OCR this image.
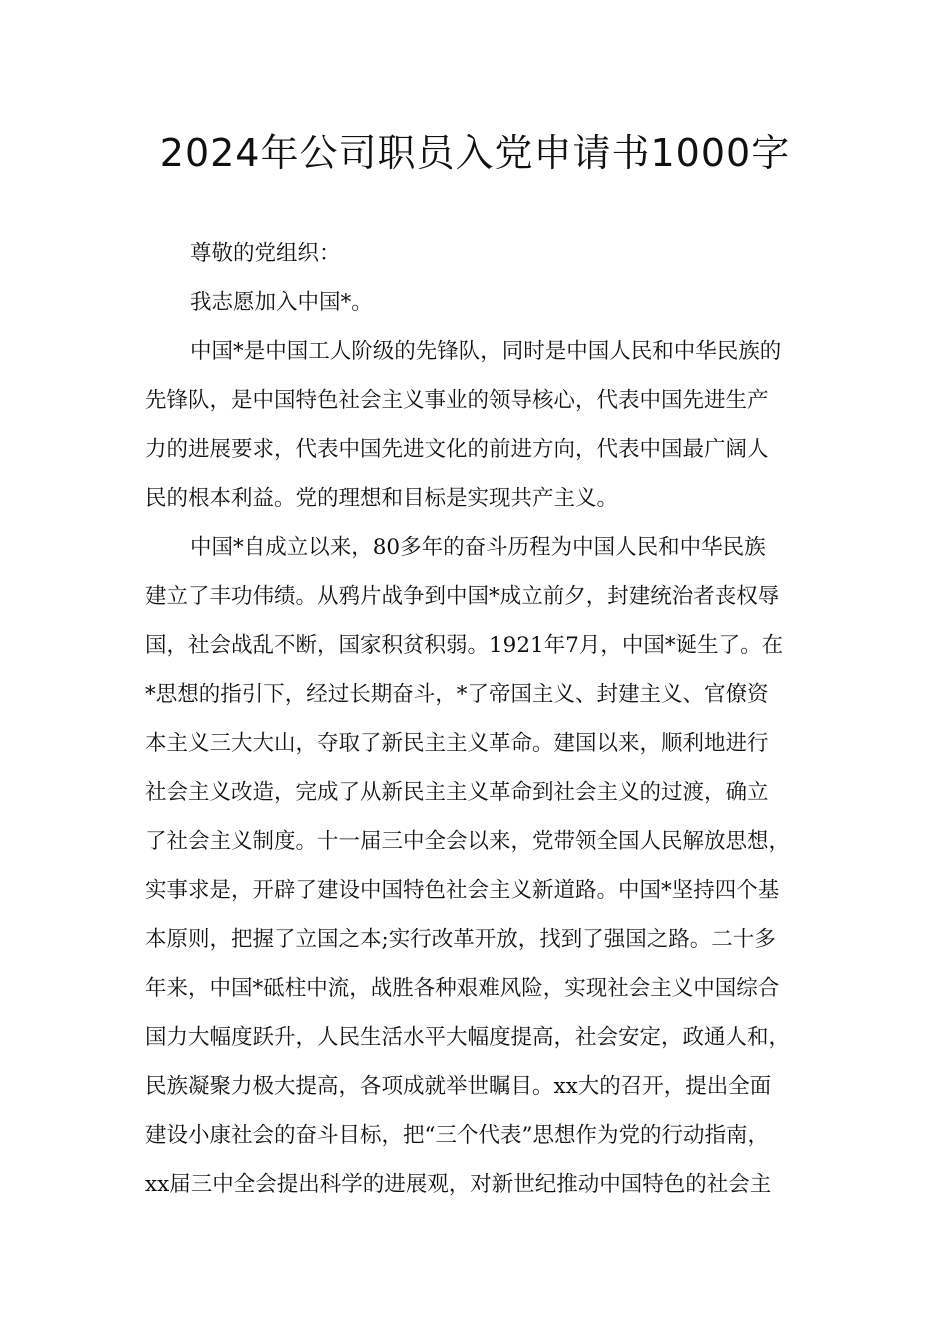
2024年公司职员入党申请书1000字
尊敬的党组织：
我志愿加入中国*。
中国*是中国工人阶级的先锋队，同时是中国人民和中华民族的
先锋队，是中国特色社会主义事业的领导核心，代表中国先进生产
力的进展要求，代表中国先进文化的前进方向，代表中国最广阔人
民的根本利益。党的理想和目标是实现共产主义。
中国*自成立以来，80多年的奋斗历程为中国人民和中华民族
建立了丰功伟绩。从鸦片战争到中国*成立前夕，封建统治者丧权辱
国，社会战乱不断，国家积贫积弱。1921年7月，中国*诞生了。在
*思想的指引下，经过长期奋斗，*了帝国主义、封建主义、官僚资
本主义三大大山，夺取了新民主主义革命。建国以来，顺利地进行
社会主义改造，完成了从新民主主义革命到社会主义的过渡，确立
了社会主义制度。十一届三中全会以来，党带领全国人民解放思想，
实事求是，开辟了建设中国特色社会主义新道路。中国*坚持四个基
本原则，把握了立国之本;实行改革开放，找到了强国之路。二十多
年来，中国*砥柱中流，战胜各种艰难风险，实现社会主义中国综合
国力大幅度跃升，人民生活水平大幅度提高，社会安定，政通人和，
民族凝聚力极大提高，各项成就举世瞩目。xx大的召开，提出全面
建设小康社会的奋斗目标，把“三个代表”思想作为党的行动指南，
xx届三中全会提出科学的进展观，对新世纪推动中国特色的社会主
